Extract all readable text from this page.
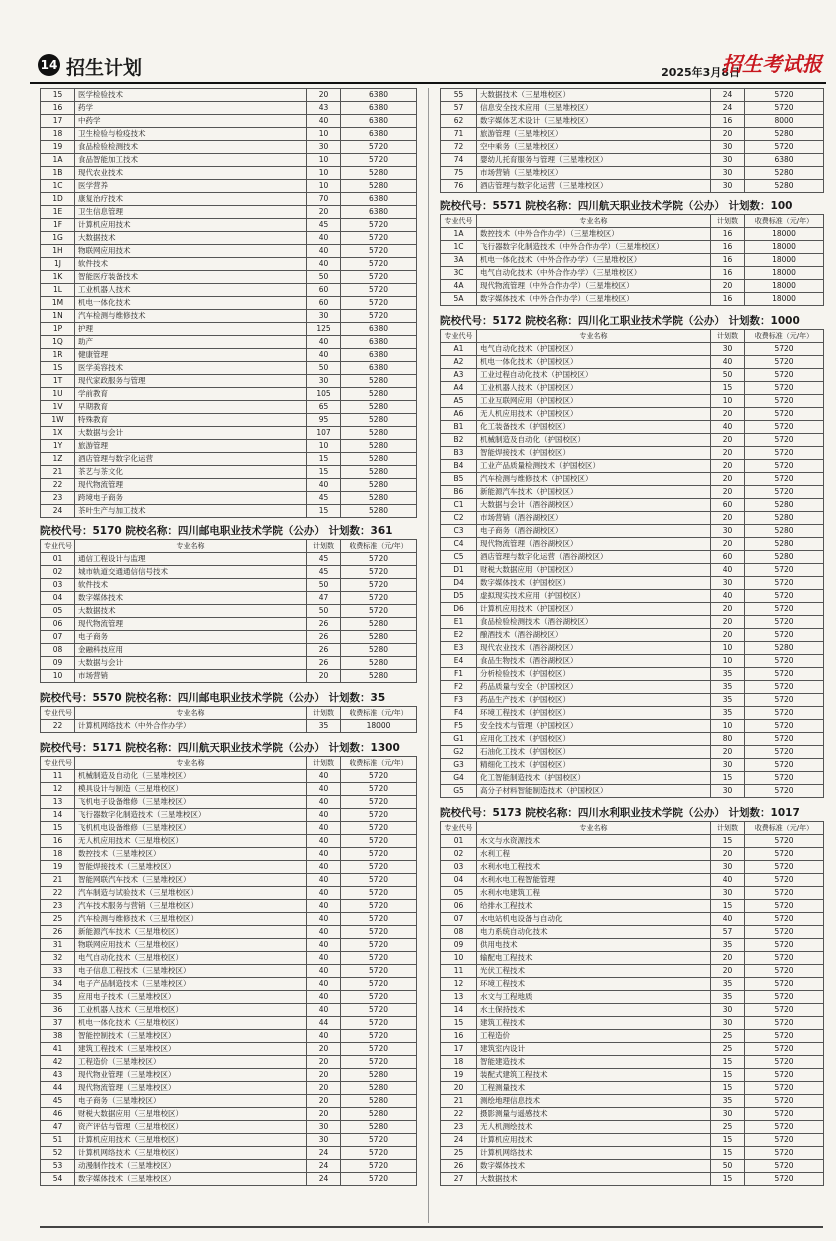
14 招生计划	2025年3月8日
招生考试报
15	医学检验技术	20	6380
16	药学	43	6380
17	中药学	40	6380
18	卫生检验与检疫技术	10	6380
19	食品检验检测技术	30	5720
1A	食品智能加工技术	10	5720
1B	现代农业技术	10	5280
1C	医学营养	10	5280
1D	康复治疗技术	70	6380
1E	卫生信息管理	20	6380
1F	计算机应用技术	45	5720
1G	大数据技术	40	5720
1H	物联网应用技术	40	5720
1J	软件技术	40	5720
1K	智能医疗装备技术	50	5720
1L	工业机器人技术	60	5720
1M	机电一体化技术	60	5720
1N	汽车检测与维修技术	30	5720
1P	护理	125	6380
1Q	助产	40	6380
1R	健康管理	40	6380
1S	医学美容技术	50	6380
1T	现代家政服务与管理	30	5280
1U	学前教育	105	5280
1V	早期教育	65	5280
1W	特殊教育	95	5280
1X	大数据与会计	107	5280
1Y	旅游管理	10	5280
1Z	酒店管理与数字化运营	15	5280
21	茶艺与茶文化	15	5280
22	现代物流管理	40	5280
23	跨境电子商务	45	5280
24	茶叶生产与加工技术	15	5280
院校代号：5170 院校名称：四川邮电职业技术学院（公办） 计划数：361
专业代号	专业名称	计划数	收费标准（元/年）
01	通信工程设计与监理	45	5720
02	城市轨道交通通信信号技术	45	5720
03	软件技术	50	5720
04	数字媒体技术	47	5720
05	大数据技术	50	5720
06	现代物流管理	26	5280
07	电子商务	26	5280
08	金融科技应用	26	5280
09	大数据与会计	26	5280
10	市场营销	20	5280
院校代号：5570 院校名称：四川邮电职业技术学院（公办） 计划数：35
专业代号	专业名称	计划数	收费标准（元/年）
22	计算机网络技术（中外合作办学）	35	18000
院校代号：5171 院校名称：四川航天职业技术学院（公办） 计划数：1300
专业代号	专业名称	计划数	收费标准（元/年）
11	机械制造及自动化（三星堆校区）	40	5720
12	模具设计与制造（三星堆校区）	40	5720
13	飞机电子设备维修（三星堆校区）	40	5720
14	飞行器数字化制造技术（三星堆校区）	40	5720
15	飞机机电设备维修（三星堆校区）	40	5720
16	无人机应用技术（三星堆校区）	40	5720
18	数控技术（三星堆校区）	40	5720
19	智能焊接技术（三星堆校区）	40	5720
21	智能网联汽车技术（三星堆校区）	40	5720
22	汽车制造与试验技术（三星堆校区）	40	5720
23	汽车技术服务与营销（三星堆校区）	40	5720
25	汽车检测与维修技术（三星堆校区）	40	5720
26	新能源汽车技术（三星堆校区）	40	5720
31	物联网应用技术（三星堆校区）	40	5720
32	电气自动化技术（三星堆校区）	40	5720
33	电子信息工程技术（三星堆校区）	40	5720
34	电子产品制造技术（三星堆校区）	40	5720
35	应用电子技术（三星堆校区）	40	5720
36	工业机器人技术（三星堆校区）	40	5720
37	机电一体化技术（三星堆校区）	44	5720
38	智能控制技术（三星堆校区）	40	5720
41	建筑工程技术（三星堆校区）	20	5720
42	工程造价（三星堆校区）	20	5720
43	现代物业管理（三星堆校区）	20	5280
44	现代物流管理（三星堆校区）	20	5280
45	电子商务（三星堆校区）	20	5280
46	财税大数据应用（三星堆校区）	20	5280
47	资产评估与管理（三星堆校区）	30	5280
51	计算机应用技术（三星堆校区）	30	5720
52	计算机网络技术（三星堆校区）	24	5720
53	动漫制作技术（三星堆校区）	24	5720
54	数字媒体技术（三星堆校区）	24	5720
55	大数据技术（三星堆校区）	24	5720
57	信息安全技术应用（三星堆校区）	24	5720
62	数字媒体艺术设计（三星堆校区）	16	8000
71	旅游管理（三星堆校区）	20	5280
72	空中乘务（三星堆校区）	30	5720
74	婴幼儿托育服务与管理（三星堆校区）	30	6380
75	市场营销（三星堆校区）	30	5280
76	酒店管理与数字化运营（三星堆校区）	30	5280
院校代号：5571 院校名称：四川航天职业技术学院（公办） 计划数：100
专业代号	专业名称	计划数	收费标准（元/年）
1A	数控技术（中外合作办学）（三星堆校区）	16	18000
1C	飞行器数字化制造技术（中外合作办学）（三星堆校区）	16	18000
3A	机电一体化技术（中外合作办学）（三星堆校区）	16	18000
3C	电气自动化技术（中外合作办学）（三星堆校区）	16	18000
4A	现代物流管理（中外合作办学）（三星堆校区）	20	18000
5A	数字媒体技术（中外合作办学）（三星堆校区）	16	18000
院校代号：5172 院校名称：四川化工职业技术学院（公办） 计划数：1000
专业代号	专业名称	计划数	收费标准（元/年）
A1	电气自动化技术（护国校区）	30	5720
A2	机电一体化技术（护国校区）	40	5720
A3	工业过程自动化技术（护国校区）	50	5720
A4	工业机器人技术（护国校区）	15	5720
A5	工业互联网应用（护国校区）	10	5720
A6	无人机应用技术（护国校区）	20	5720
B1	化工装备技术（护国校区）	40	5720
B2	机械制造及自动化（护国校区）	20	5720
B3	智能焊接技术（护国校区）	20	5720
B4	工业产品质量检测技术（护国校区）	20	5720
B5	汽车检测与维修技术（护国校区）	20	5720
B6	新能源汽车技术（护国校区）	20	5720
C1	大数据与会计（酒谷湖校区）	60	5280
C2	市场营销（酒谷湖校区）	20	5280
C3	电子商务（酒谷湖校区）	30	5280
C4	现代物流管理（酒谷湖校区）	20	5280
C5	酒店管理与数字化运营（酒谷湖校区）	60	5280
D1	财税大数据应用（护国校区）	40	5720
D4	数字媒体技术（护国校区）	30	5720
D5	虚拟现实技术应用（护国校区）	40	5720
D6	计算机应用技术（护国校区）	20	5720
E1	食品检验检测技术（酒谷湖校区）	20	5720
E2	酿酒技术（酒谷湖校区）	20	5720
E3	现代农业技术（酒谷湖校区）	10	5280
E4	食品生物技术（酒谷湖校区）	10	5720
F1	分析检验技术（护国校区）	35	5720
F2	药品质量与安全（护国校区）	35	5720
F3	药品生产技术（护国校区）	35	5720
F4	环境工程技术（护国校区）	35	5720
F5	安全技术与管理（护国校区）	10	5720
G1	应用化工技术（护国校区）	80	5720
G2	石油化工技术（护国校区）	20	5720
G3	精细化工技术（护国校区）	30	5720
G4	化工智能制造技术（护国校区）	15	5720
G5	高分子材料智能制造技术（护国校区）	30	5720
院校代号：5173 院校名称：四川水利职业技术学院（公办） 计划数：1017
专业代号	专业名称	计划数	收费标准（元/年）
01	水文与水资源技术	15	5720
02	水利工程	20	5720
03	水利水电工程技术	30	5720
04	水利水电工程智能管理	40	5720
05	水利水电建筑工程	30	5720
06	给排水工程技术	15	5720
07	水电站机电设备与自动化	40	5720
08	电力系统自动化技术	57	5720
09	供用电技术	35	5720
10	输配电工程技术	20	5720
11	光伏工程技术	20	5720
12	环境工程技术	35	5720
13	水文与工程地质	35	5720
14	水土保持技术	30	5720
15	建筑工程技术	30	5720
16	工程造价	25	5720
17	建筑室内设计	25	5720
18	智能建造技术	15	5720
19	装配式建筑工程技术	15	5720
20	工程测量技术	15	5720
21	测绘地理信息技术	35	5720
22	摄影测量与遥感技术	30	5720
23	无人机测绘技术	25	5720
24	计算机应用技术	15	5720
25	计算机网络技术	15	5720
26	数字媒体技术	50	5720
27	大数据技术	15	5720
